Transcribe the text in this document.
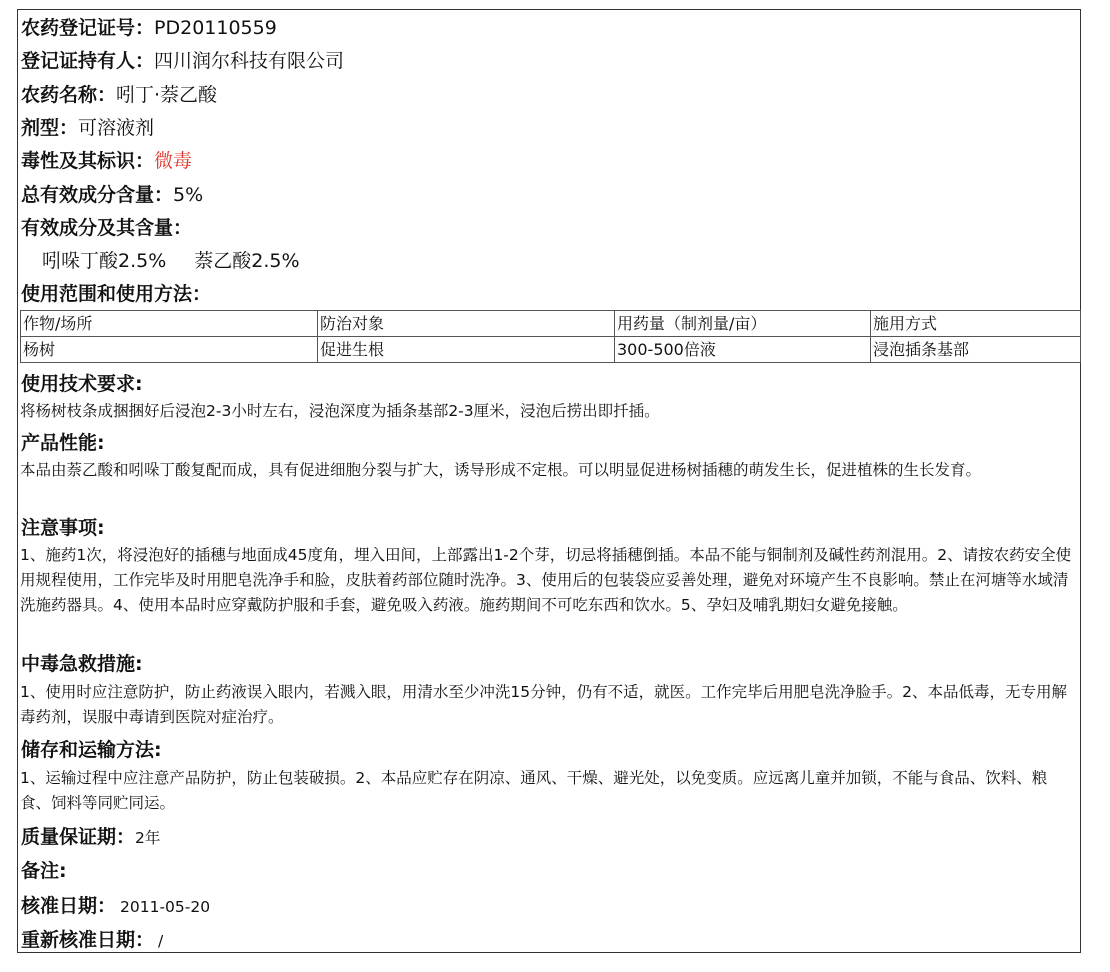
农药登记证号：PD20110559
登记证持有人：四川润尔科技有限公司
农药名称：吲丁·萘乙酸
剂型：可溶液剂
毒性及其标识：微毒
总有效成分含量：5%
有效成分及其含量：
吲哚丁酸2.5% 萘乙酸2.5%
使用范围和使用方法：
作物/场所	防治对象	用药量（制剂量/亩）	施用方式
杨树	促进生根	300-500倍液	浸泡插条基部
使用技术要求:
将杨树枝条成捆捆好后浸泡2-3小时左右，浸泡深度为插条基部2-3厘米，浸泡后捞出即扦插。
产品性能:
本品由萘乙酸和吲哚丁酸复配而成，具有促进细胞分裂与扩大，诱导形成不定根。可以明显促进杨树插穗的萌发生长，促进植株的生长发育。
注意事项:
1、施药1次，将浸泡好的插穗与地面成45度角，埋入田间，上部露出1-2个芽，切忌将插穗倒插。本品不能与铜制剂及碱性药剂混用。2、请按农药安全使用规程使用，工作完毕及时用肥皂洗净手和脸，皮肤着药部位随时洗净。3、使用后的包装袋应妥善处理，避免对环境产生不良影响。禁止在河塘等水域清洗施药器具。4、使用本品时应穿戴防护服和手套，避免吸入药液。施药期间不可吃东西和饮水。5、孕妇及哺乳期妇女避免接触。
中毒急救措施:
1、使用时应注意防护，防止药液误入眼内，若溅入眼，用清水至少冲洗15分钟，仍有不适，就医。工作完毕后用肥皂洗净脸手。2、本品低毒，无专用解毒药剂，误服中毒请到医院对症治疗。
储存和运输方法:
1、运输过程中应注意产品防护，防止包装破损。2、本品应贮存在阴凉、通风、干燥、避光处，以免变质。应远离儿童并加锁，不能与食品、饮料、粮食、饲料等同贮同运。
质量保证期：2年
备注:
核准日期： 2011-05-20
重新核准日期： /
